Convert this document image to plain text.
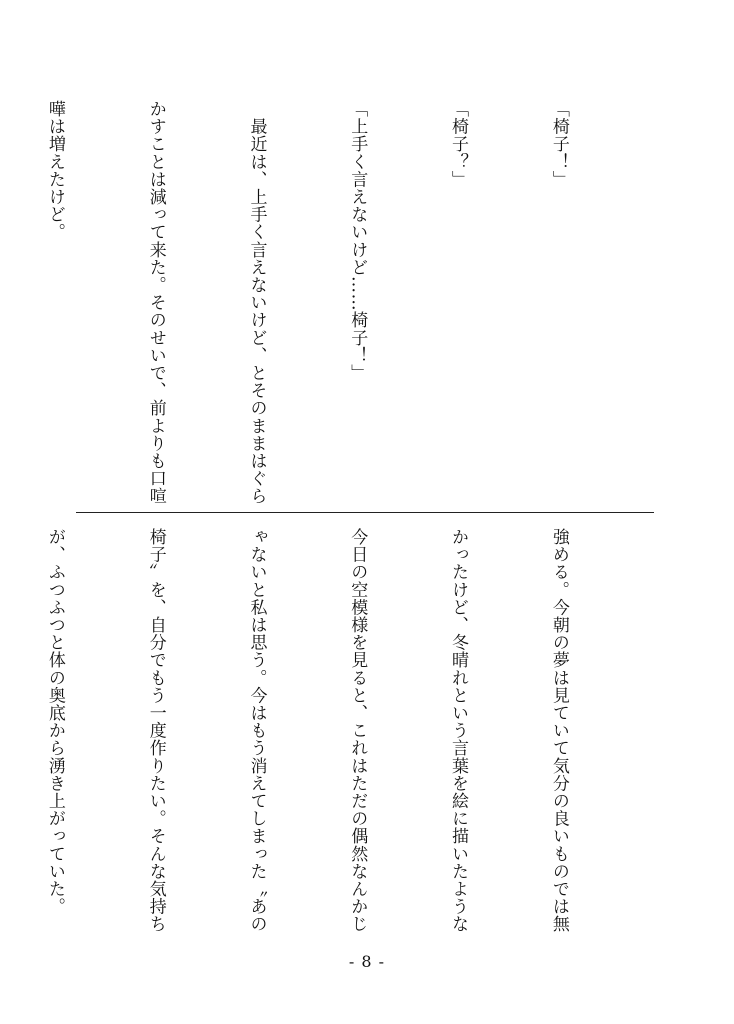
「椅子！」

「椅子？」

「上手く言えないけど……椅子！」

　最近は、上手く言えないけど、とそのままはぐら

かすことは減って来た。そのせいで、前よりも口喧

嘩は増えたけど。

強める。今朝の夢は見ていて気分の良いものでは無

かったけど、冬晴れという言葉を絵に描いたような

今日の空模様を見ると、これはただの偶然なんかじ

ゃないと私は思う。今はもう消えてしまった〝あの

椅子〟を、自分でもう一度作りたい。そんな気持ち

が、ふつふつと体の奥底から湧き上がっていた。

- 8 -
